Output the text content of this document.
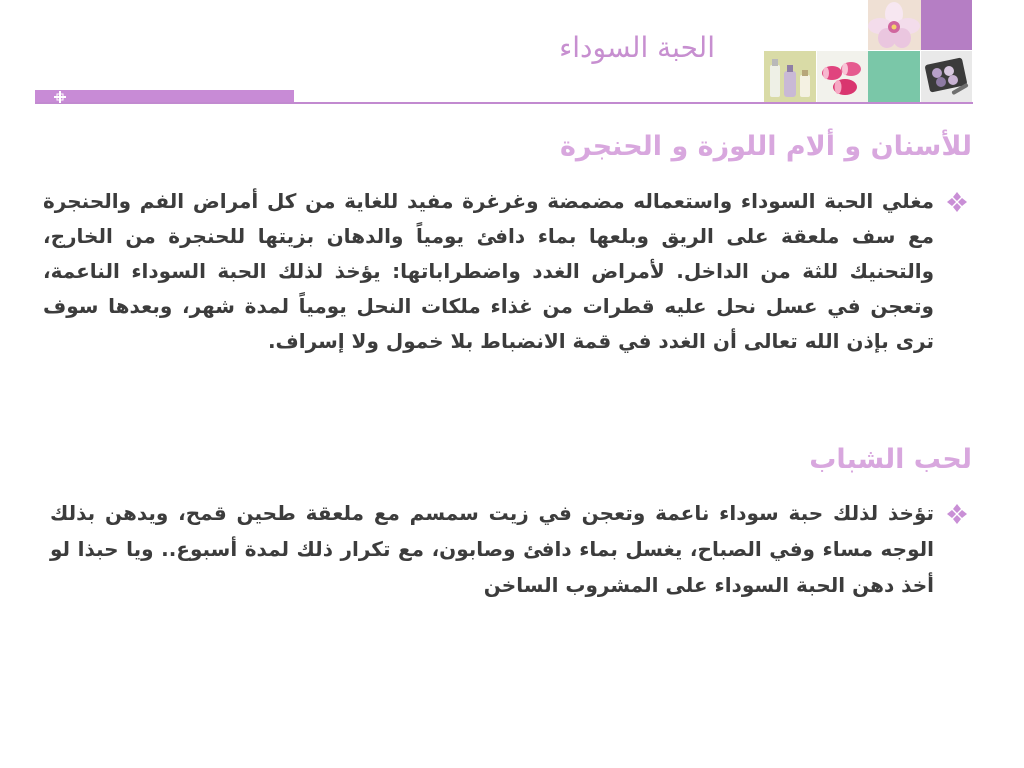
الحبة السوداء
للأسنان و ألام اللوزة و الحنجرة
مغلي الحبة السوداء واستعماله مضمضة وغرغرة مفيد للغاية من كل أمراض الفم والحنجرة مع سف ملعقة على الريق وبلعها بماء دافئ يومياً والدهان بزيتها للحنجرة من الخارج، والتحنيك للثة من الداخل. لأمراض الغدد واضطراباتها: يؤخذ لذلك الحبة السوداء الناعمة، وتعجن في عسل نحل عليه قطرات من غذاء ملكات النحل يومياً لمدة شهر، وبعدها سوف ترى بإذن الله تعالى أن الغدد في قمة الانضباط بلا خمول ولا إسراف.
لحب الشباب
تؤخذ لذلك حبة سوداء ناعمة وتعجن في زيت سمسم مع ملعقة طحين قمح، ويدهن بذلك الوجه مساء وفي الصباح، يغسل بماء دافئ وصابون، مع تكرار ذلك لمدة أسبوع.. ويا حبذا لو أخذ دهن الحبة السوداء على المشروب الساخن
